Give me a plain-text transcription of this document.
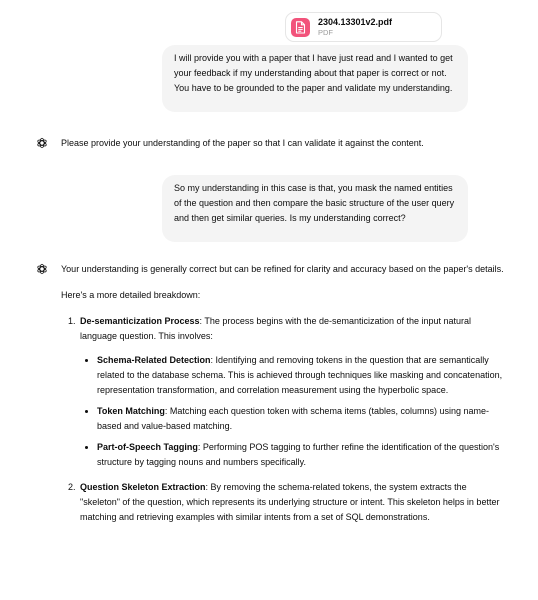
2304.13301v2.pdf
PDF
I will provide you with a paper that I have just read and I wanted to get your feedback if my understanding about that paper is correct or not. You have to be grounded to the paper and validate my understanding.
Please provide your understanding of the paper so that I can validate it against the content.
So my understanding in this case is that, you mask the named entities of the question and then compare the basic structure of the user query and then get similar queries. Is my understanding correct?

Your understanding is generally correct but can be refined for clarity and accuracy based on the paper's details.

Here's a more detailed breakdown:

1. De-semanticization Process: The process begins with the de-semanticization of the input natural language question. This involves:
• Schema-Related Detection: Identifying and removing tokens in the question that are semantically related to the database schema. This is achieved through techniques like masking and concatenation, representation transformation, and correlation measurement using the hyperbolic space.
• Token Matching: Matching each question token with schema items (tables, columns) using name-based and value-based matching.
• Part-of-Speech Tagging: Performing POS tagging to further refine the identification of the question's structure by tagging nouns and numbers specifically.
2. Question Skeleton Extraction: By removing the schema-related tokens, the system extracts the "skeleton" of the question, which represents its underlying structure or intent. This skeleton helps in better matching and retrieving examples with similar intents from a set of SQL demonstrations.
